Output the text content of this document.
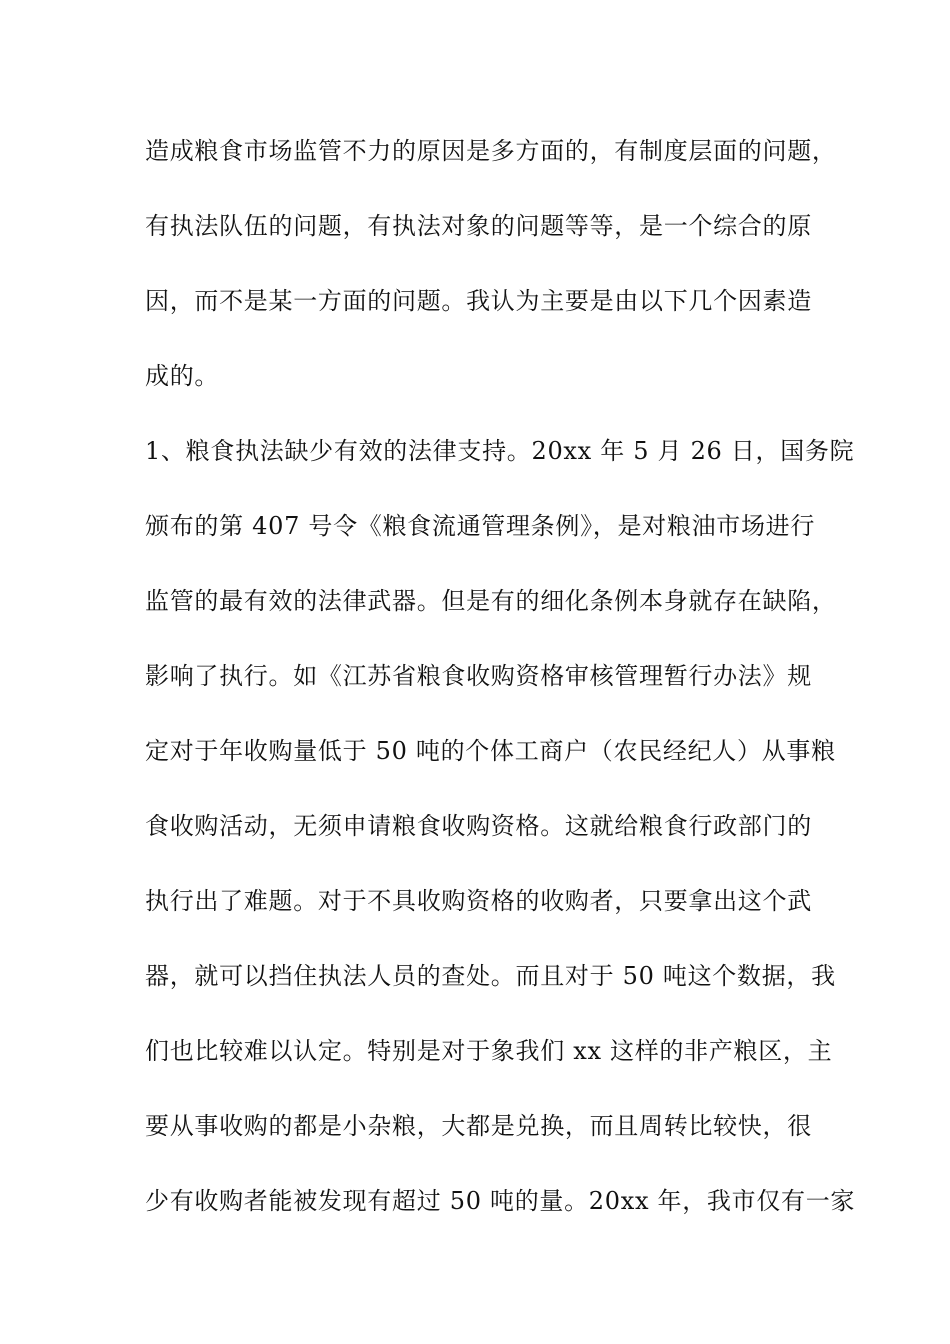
造成粮食市场监管不力的原因是多方面的，有制度层面的问题，
有执法队伍的问题，有执法对象的问题等等，是一个综合的原
因，而不是某一方面的问题。我认为主要是由以下几个因素造
成的。
1、粮食执法缺少有效的法律支持。20xx 年 5 月 26 日，国务院
颁布的第 407 号令《粮食流通管理条例》，是对粮油市场进行
监管的最有效的法律武器。但是有的细化条例本身就存在缺陷，
影响了执行。如《江苏省粮食收购资格审核管理暂行办法》规
定对于年收购量低于 50 吨的个体工商户（农民经纪人）从事粮
食收购活动，无须申请粮食收购资格。这就给粮食行政部门的
执行出了难题。对于不具收购资格的收购者，只要拿出这个武
器，就可以挡住执法人员的查处。而且对于 50 吨这个数据，我
们也比较难以认定。特别是对于象我们 xx 这样的非产粮区，主
要从事收购的都是小杂粮，大都是兑换，而且周转比较快，很
少有收购者能被发现有超过 50 吨的量。20xx 年，我市仅有一家
